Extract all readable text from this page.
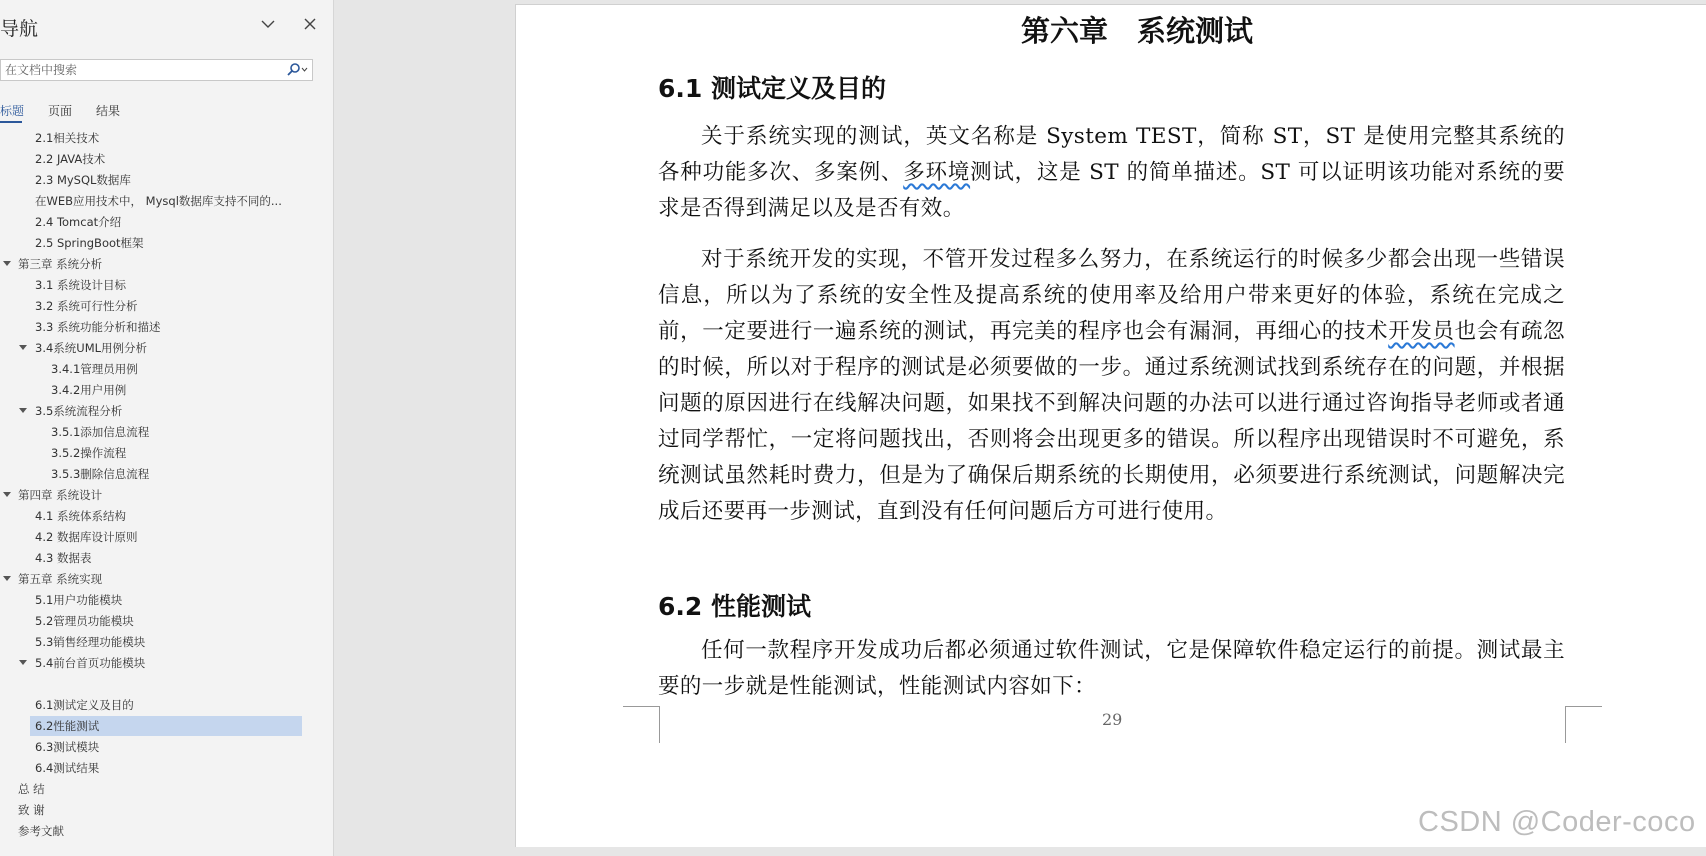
导航
在文档中搜索
标题 页面 结果
2.1相关技术
2.2 JAVA技术
2.3 MySQL数据库
在WEB应用技术中， Mysql数据库支持不同的...
2.4 Tomcat介绍
2.5 SpringBoot框架
第三章 系统分析
3.1 系统设计目标
3.2 系统可行性分析
3.3 系统功能分析和描述
3.4系统UML用例分析
3.4.1管理员用例
3.4.2用户用例
3.5系统流程分析
3.5.1添加信息流程
3.5.2操作流程
3.5.3删除信息流程
第四章 系统设计
4.1 系统体系结构
4.2 数据库设计原则
4.3 数据表
第五章 系统实现
5.1用户功能模块
5.2管理员功能模块
5.3销售经理功能模块
5.4前台首页功能模块
6.1测试定义及目的
6.2性能测试
6.3测试模块
6.4测试结果
总 结
致 谢
参考文献
第六章　系统测试
6.1 测试定义及目的
关于系统实现的测试，英文名称是 System TEST，简称 ST，ST 是使用完整其系统的各种功能多次、多案例、多环境测试，这是 ST 的简单描述。ST 可以证明该功能对系统的要求是否得到满足以及是否有效。
对于系统开发的实现，不管开发过程多么努力，在系统运行的时候多少都会出现一些错误信息，所以为了系统的安全性及提高系统的使用率及给用户带来更好的体验，系统在完成之前，一定要进行一遍系统的测试，再完美的程序也会有漏洞，再细心的技术开发员也会有疏忽的时候，所以对于程序的测试是必须要做的一步。通过系统测试找到系统存在的问题，并根据问题的原因进行在线解决问题，如果找不到解决问题的办法可以进行通过咨询指导老师或者通过同学帮忙，一定将问题找出，否则将会出现更多的错误。所以程序出现错误时不可避免，系统测试虽然耗时费力，但是为了确保后期系统的长期使用，必须要进行系统测试，问题解决完成后还要再一步测试，直到没有任何问题后方可进行使用。
6.2 性能测试
任何一款程序开发成功后都必须通过软件测试，它是保障软件稳定运行的前提。测试最主要的一步就是性能测试，性能测试内容如下：
29
CSDN @Coder-coco
